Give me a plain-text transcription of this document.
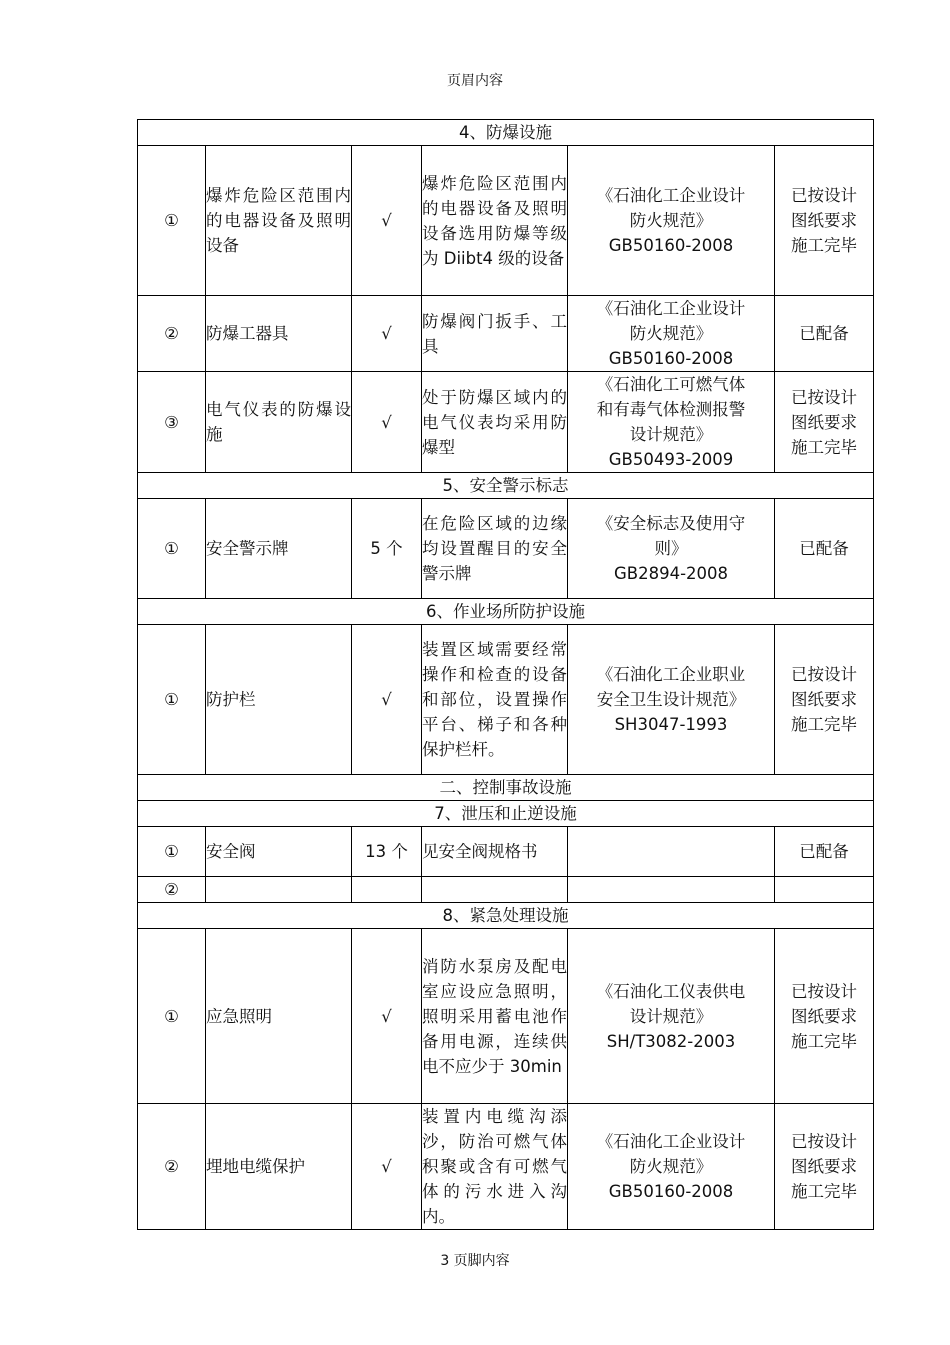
页眉内容
4、防爆设施					
①	爆炸危险区范围内的电器设备及照明设备	√	爆炸危险区范围内的电器设备及照明设备选用防爆等级为 Diibt4 级的设备	《石油化工企业设计
防火规范》
GB50160-2008	已按设计
图纸要求
施工完毕

②	防爆工器具	√	防爆阀门扳手、工具	《石油化工企业设计
防火规范》
GB50160-2008	已配备

③	电气仪表的防爆设施	√	处于防爆区域内的电气仪表均采用防爆型	《石油化工可燃气体
和有毒气体检测报警
设计规范》
GB50493-2009	已按设计
图纸要求
施工完毕

5、安全警示标志					
①	安全警示牌	5 个	在危险区域的边缘均设置醒目的安全警示牌	《安全标志及使用守
则》
GB2894-2008	已配备

6、作业场所防护设施					
①	防护栏	√	装置区域需要经常操作和检查的设备和部位，设置操作平台、梯子和各种保护栏杆。	《石油化工企业职业
安全卫生设计规范》
SH3047-1993	已按设计
图纸要求
施工完毕

二、控制事故设施					
7、泄压和止逆设施					
①	安全阀	13 个	见安全阀规格书		已配备

②					
8、紧急处理设施					
①	应急照明	√	消防水泵房及配电室应设应急照明，照明采用蓄电池作备用电源，连续供电不应少于 30min	《石油化工仪表供电
设计规范》
SH/T3082-2003	已按设计
图纸要求
施工完毕

②	埋地电缆保护	√	装置内电缆沟添沙，防治可燃气体积聚或含有可燃气体的污水进入沟内。	《石油化工企业设计
防火规范》
GB50160-2008	已按设计
图纸要求
施工完毕
3 页脚内容
